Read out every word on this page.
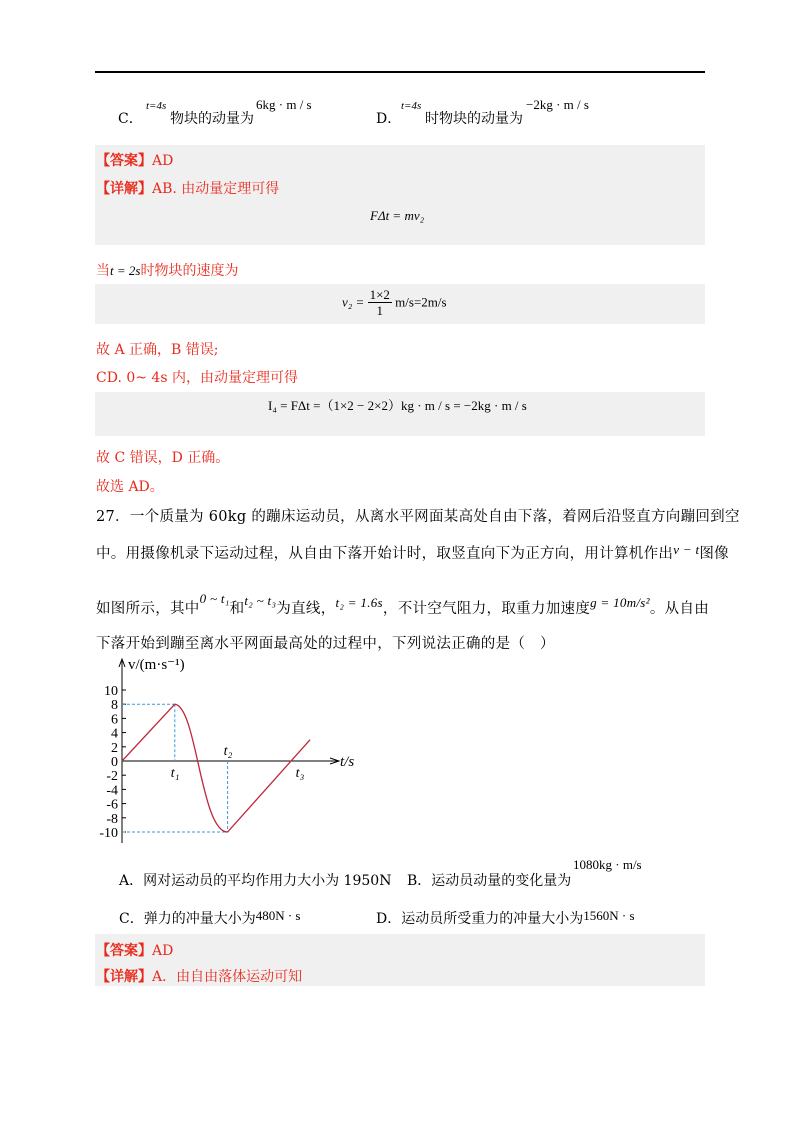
C．
t=4s
物块的动量为
6kg · m / s
D．
t=4s
时物块的动量为
−2kg · m / s
【答案】AD
【详解】AB. 由动量定理可得
FΔt = mv₂
当t = 2s时物块的速度为
$v_2 = \frac{1\times 2}{1} m/s=2m/s$
故 A 正确，B 错误;
CD. 0~ 4s 内，由动量定理可得
I₄ = FΔt =（1×2 − 2×2）kg · m / s = −2kg · m / s
故 C 错误，D 正确。
故选 AD。
27．一个质量为 60kg 的蹦床运动员，从离水平网面某高处自由下落，着网后沿竖直方向蹦回到空
中。用摄像机录下运动过程，从自由下落开始计时，取竖直向下为正方向，用计算机作出v − t图像
如图所示，其中0 ~ t₁和t₂ ~ t₃为直线，t₂ = 1.6s，不计空气阻力，取重力加速度g = 10m/s²。从自由
下落开始到蹦至离水平网面最高处的过程中，下列说法正确的是（　）
v/(m·s⁻¹)
t/s
10
8
6
4
2
0
-2
-4
-6
-8
-10
t₁
t₂
t₃
A．网对运动员的平均作用力大小为 1950N B．运动员动量的变化量为
1080kg · m/s
C．弹力的冲量大小为480N · s	D．运动员所受重力的冲量大小为1560N · s
【答案】AD
【详解】A．由自由落体运动可知
